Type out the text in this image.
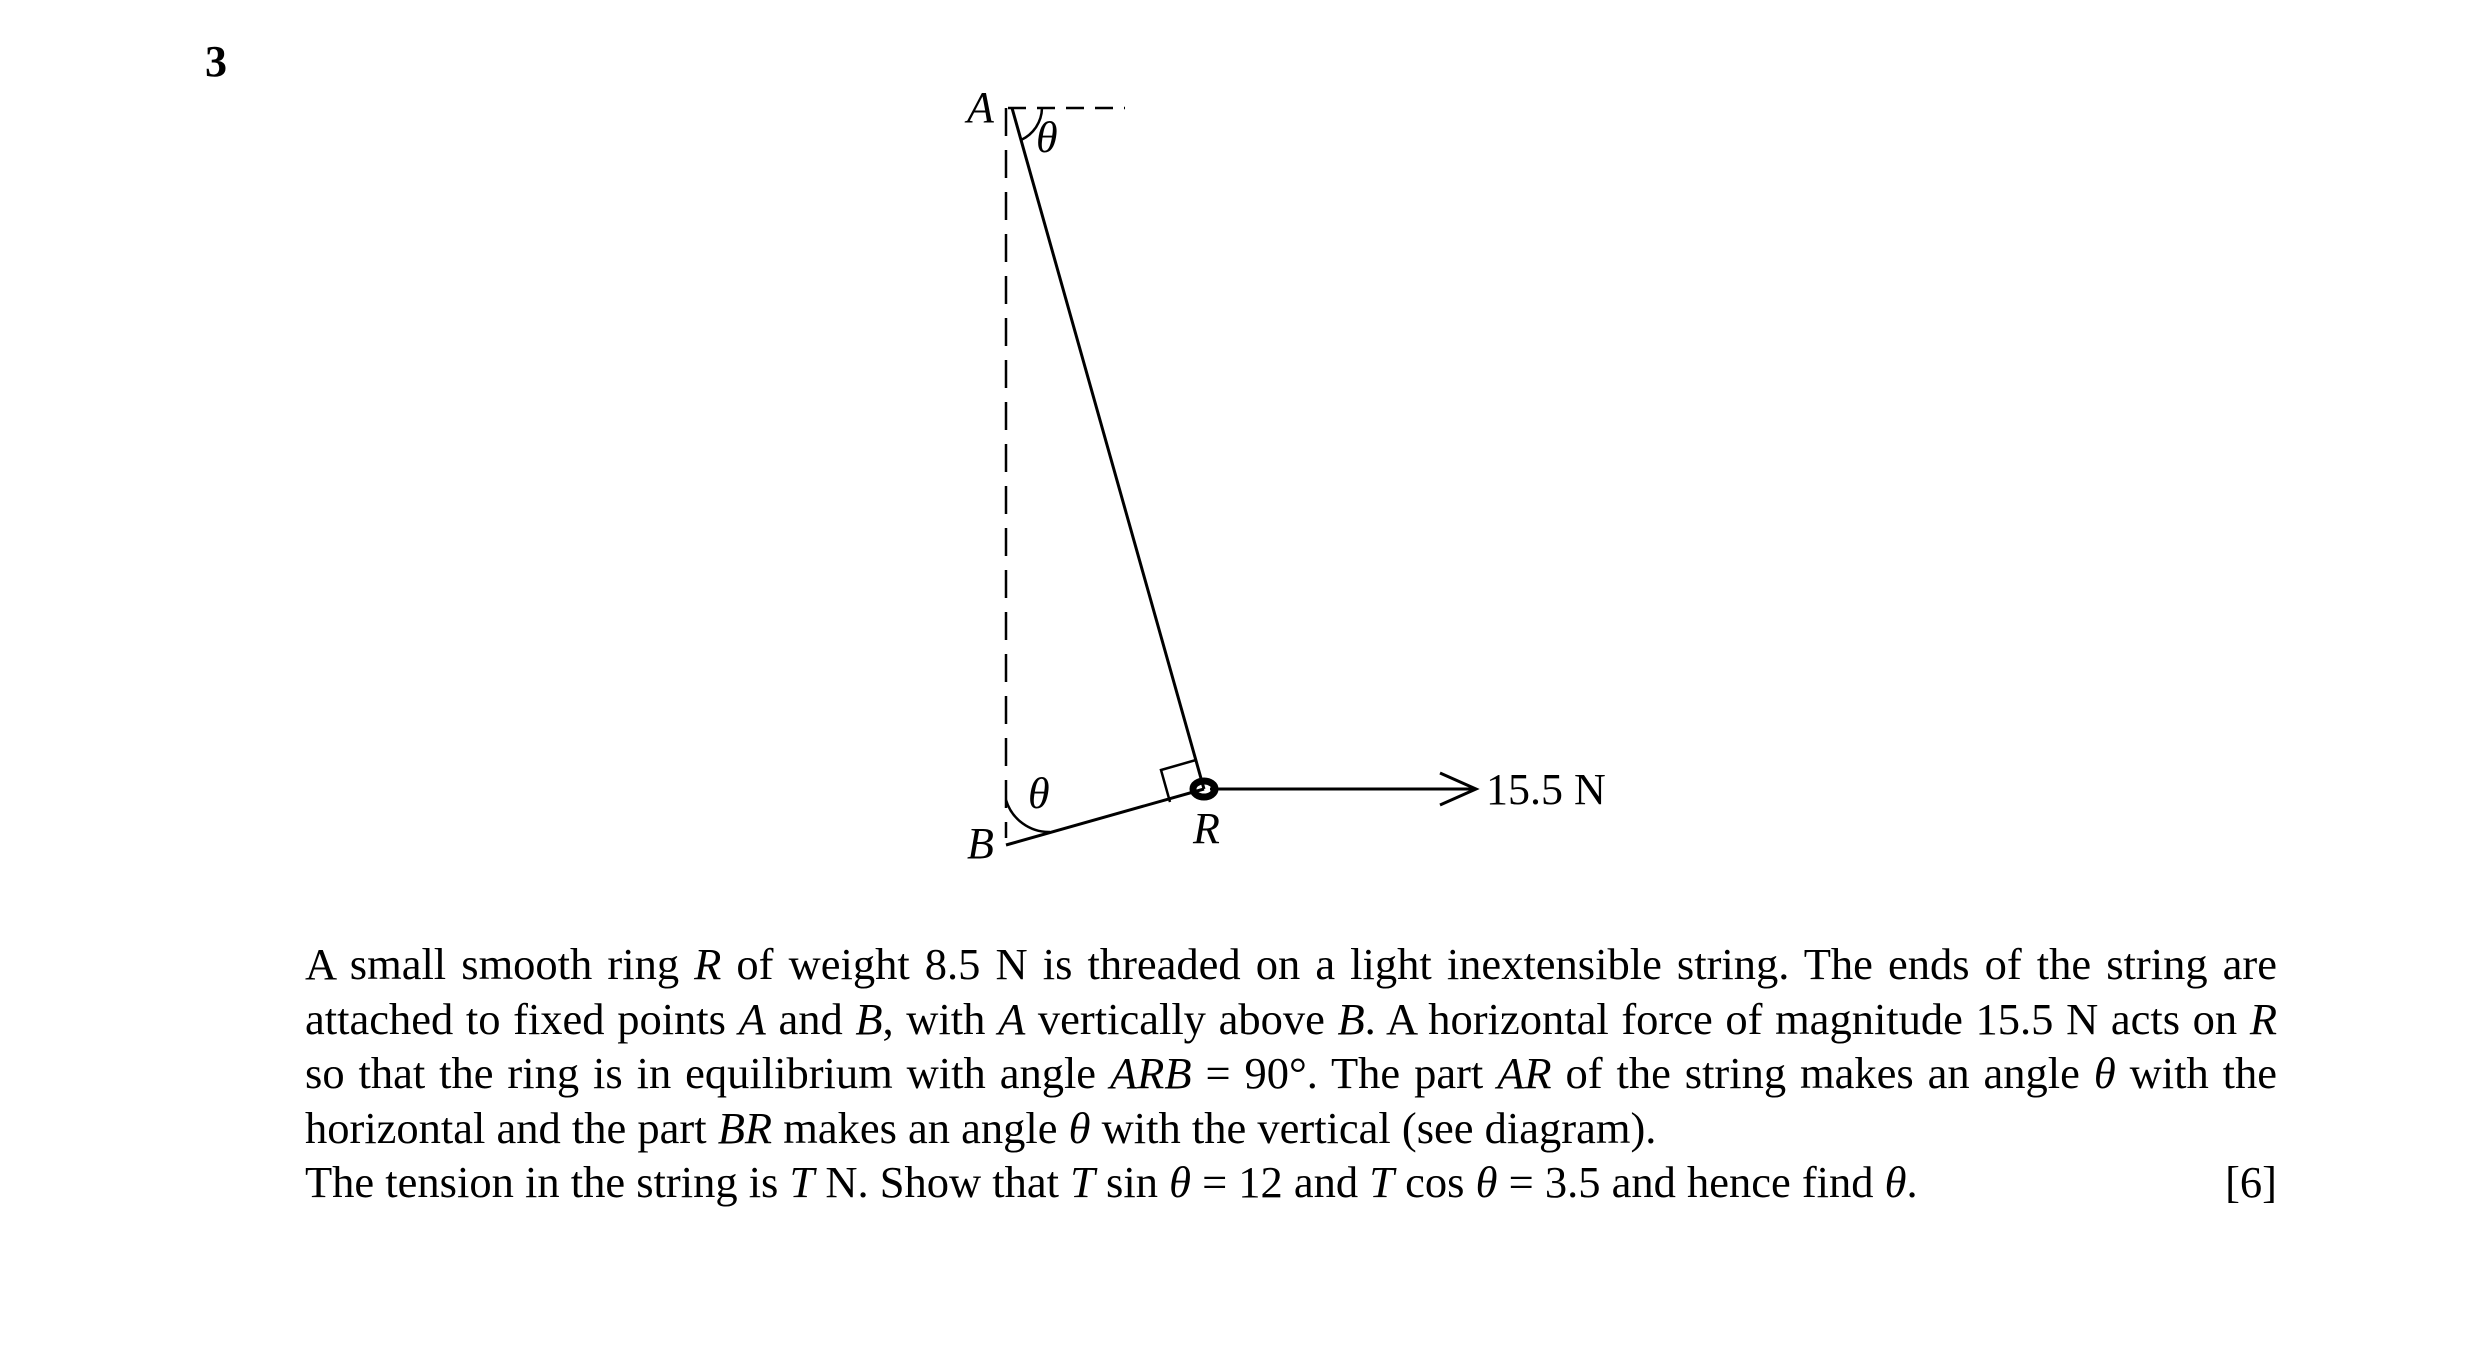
3
A
θ
B
θ
R
15.5 N

A small smooth ring R of weight 8.5 N is threaded on a light inextensible string. The ends of the string are attached to fixed points A and B, with A vertically above B. A horizontal force of magnitude 15.5 N acts on R so that the ring is in equilibrium with angle ARB = 90°. The part AR of the string makes an angle θ with the horizontal and the part BR makes an angle θ with the vertical (see diagram).

The tension in the string is T N. Show that T sin θ = 12 and T cos θ = 3.5 and hence find θ.	[6]
